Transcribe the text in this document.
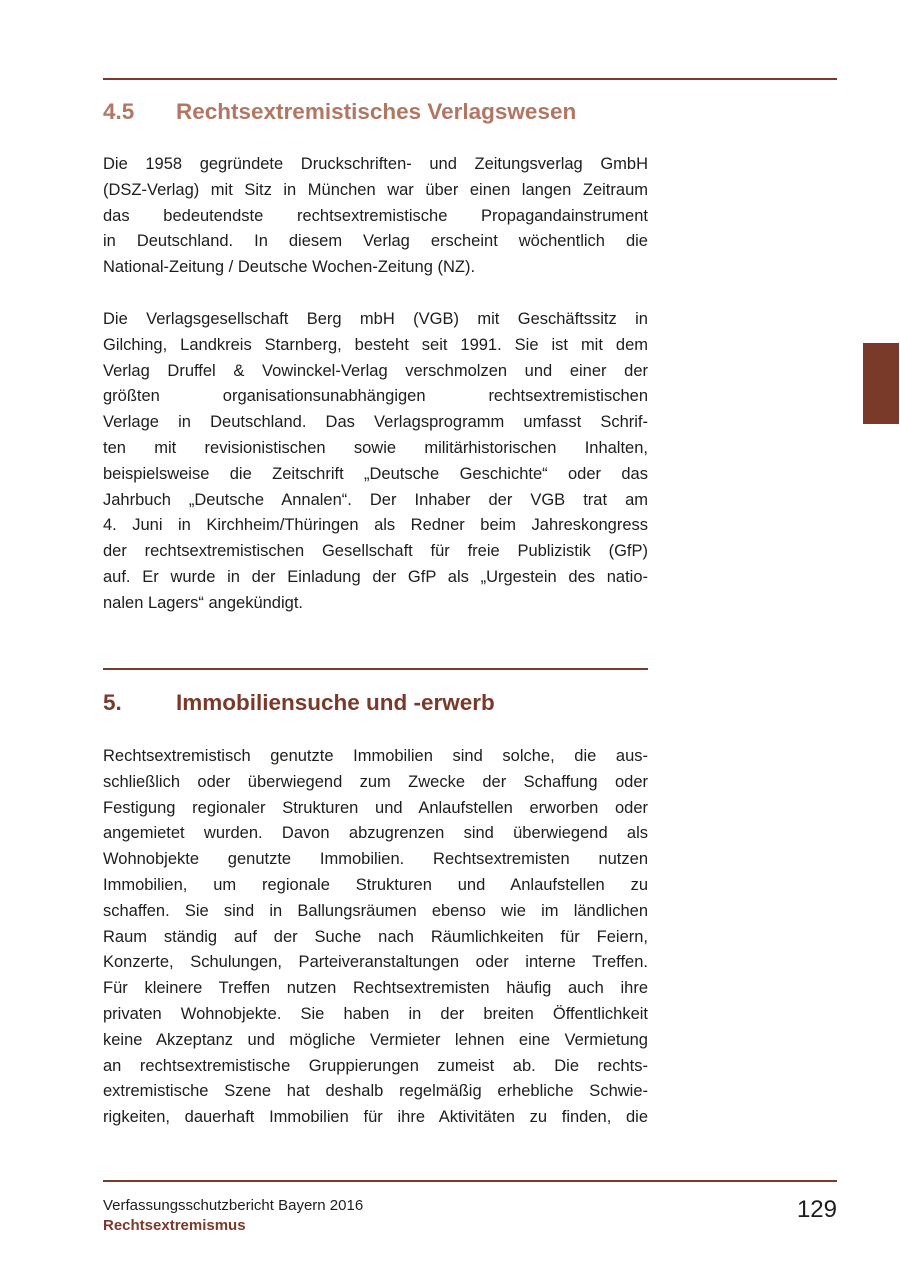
4.5 Rechtsextremistisches Verlagswesen
Die 1958 gegründete Druckschriften- und Zeitungsverlag GmbH
(DSZ-Verlag) mit Sitz in München war über einen langen Zeitraum
das bedeutendste rechtsextremistische Propagandainstrument
in Deutschland. In diesem Verlag erscheint wöchentlich die
National-Zeitung / Deutsche Wochen-Zeitung (NZ).
Die Verlagsgesellschaft Berg mbH (VGB) mit Geschäftssitz in
Gilching, Landkreis Starnberg, besteht seit 1991. Sie ist mit dem
Verlag Druffel & Vowinckel-Verlag verschmolzen und einer der
größten organisationsunabhängigen rechtsextremistischen
Verlage in Deutschland. Das Verlagsprogramm umfasst Schrif-
ten mit revisionistischen sowie militärhistorischen Inhalten,
beispielsweise die Zeitschrift „Deutsche Geschichte“ oder das
Jahrbuch „Deutsche Annalen“. Der Inhaber der VGB trat am
4. Juni in Kirchheim/Thüringen als Redner beim Jahreskongress
der rechtsextremistischen Gesellschaft für freie Publizistik (GfP)
auf. Er wurde in der Einladung der GfP als „Urgestein des natio-
nalen Lagers“ angekündigt.
5. Immobiliensuche und -erwerb
Rechtsextremistisch genutzte Immobilien sind solche, die aus-
schließlich oder überwiegend zum Zwecke der Schaffung oder
Festigung regionaler Strukturen und Anlaufstellen erworben oder
angemietet wurden. Davon abzugrenzen sind überwiegend als
Wohnobjekte genutzte Immobilien. Rechtsextremisten nutzen
Immobilien, um regionale Strukturen und Anlaufstellen zu
schaffen. Sie sind in Ballungsräumen ebenso wie im ländlichen
Raum ständig auf der Suche nach Räumlichkeiten für Feiern,
Konzerte, Schulungen, Parteiveranstaltungen oder interne Treffen.
Für kleinere Treffen nutzen Rechtsextremisten häufig auch ihre
privaten Wohnobjekte. Sie haben in der breiten Öffentlichkeit
keine Akzeptanz und mögliche Vermieter lehnen eine Vermietung
an rechtsextremistische Gruppierungen zumeist ab. Die rechts-
extremistische Szene hat deshalb regelmäßig erhebliche Schwie-
rigkeiten, dauerhaft Immobilien für ihre Aktivitäten zu finden, die
Verfassungsschutzbericht Bayern 2016
Rechtsextremismus
129
